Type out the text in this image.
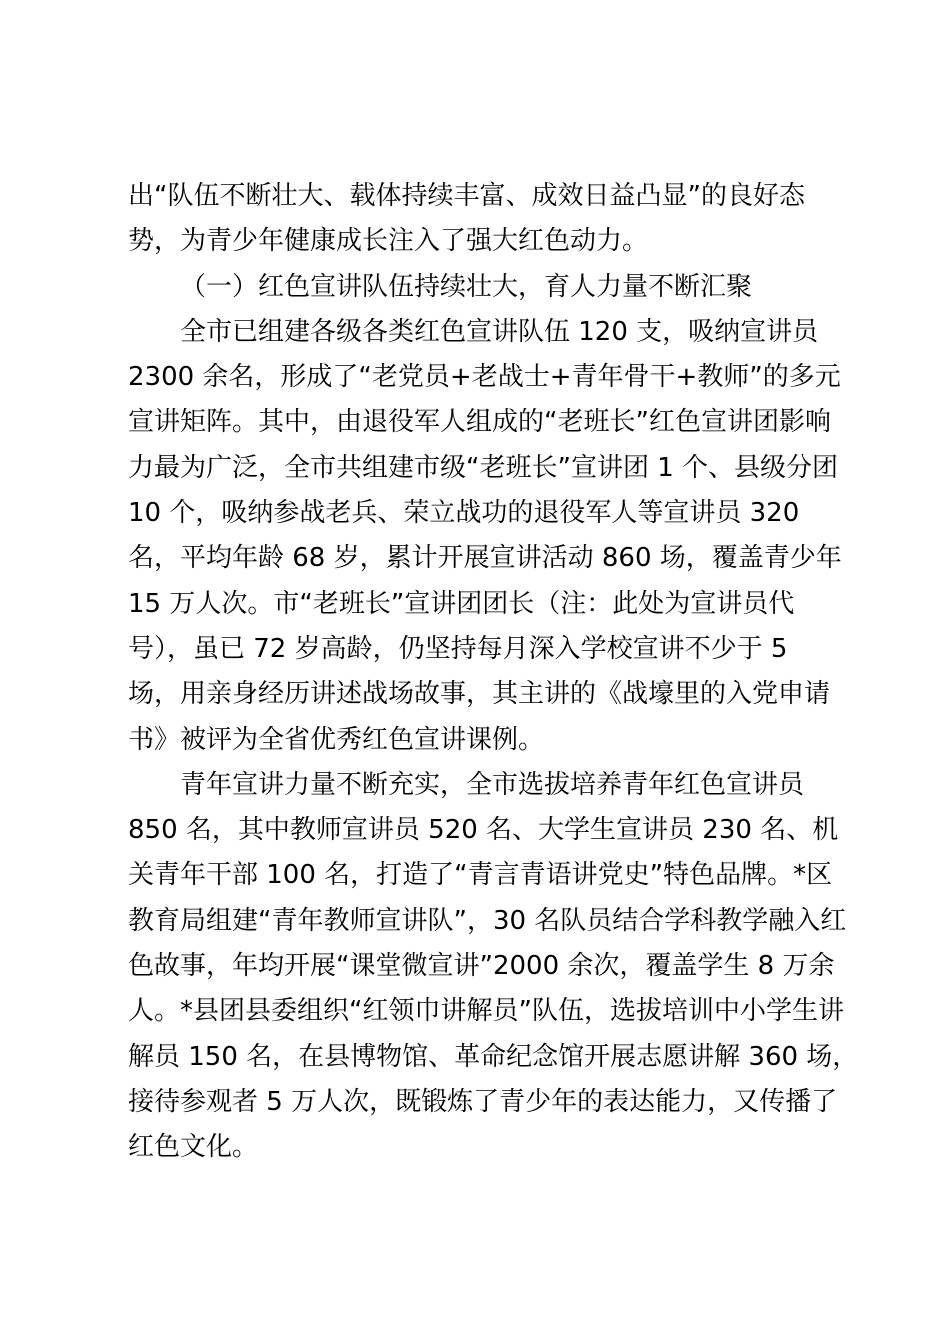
出“队伍不断壮大、载体持续丰富、成效日益凸显”的良好态
势，为青少年健康成长注入了强大红色动力。
（一）红色宣讲队伍持续壮大，育人力量不断汇聚
全市已组建各级各类红色宣讲队伍 120 支，吸纳宣讲员
2300 余名，形成了“老党员+老战士+青年骨干+教师”的多元
宣讲矩阵。其中，由退役军人组成的“老班长”红色宣讲团影响
力最为广泛，全市共组建市级“老班长”宣讲团 1 个、县级分团
10 个，吸纳参战老兵、荣立战功的退役军人等宣讲员 320
名，平均年龄 68 岁，累计开展宣讲活动 860 场，覆盖青少年
15 万人次。市“老班长”宣讲团团长（注：此处为宣讲员代
号），虽已 72 岁高龄，仍坚持每月深入学校宣讲不少于 5
场，用亲身经历讲述战场故事，其主讲的《战壕里的入党申请
书》被评为全省优秀红色宣讲课例。
青年宣讲力量不断充实，全市选拔培养青年红色宣讲员
850 名，其中教师宣讲员 520 名、大学生宣讲员 230 名、机
关青年干部 100 名，打造了“青言青语讲党史”特色品牌。*区
教育局组建“青年教师宣讲队”，30 名队员结合学科教学融入红
色故事，年均开展“课堂微宣讲”2000 余次，覆盖学生 8 万余
人。*县团县委组织“红领巾讲解员”队伍，选拔培训中小学生讲
解员 150 名，在县博物馆、革命纪念馆开展志愿讲解 360 场，
接待参观者 5 万人次，既锻炼了青少年的表达能力，又传播了
红色文化。
